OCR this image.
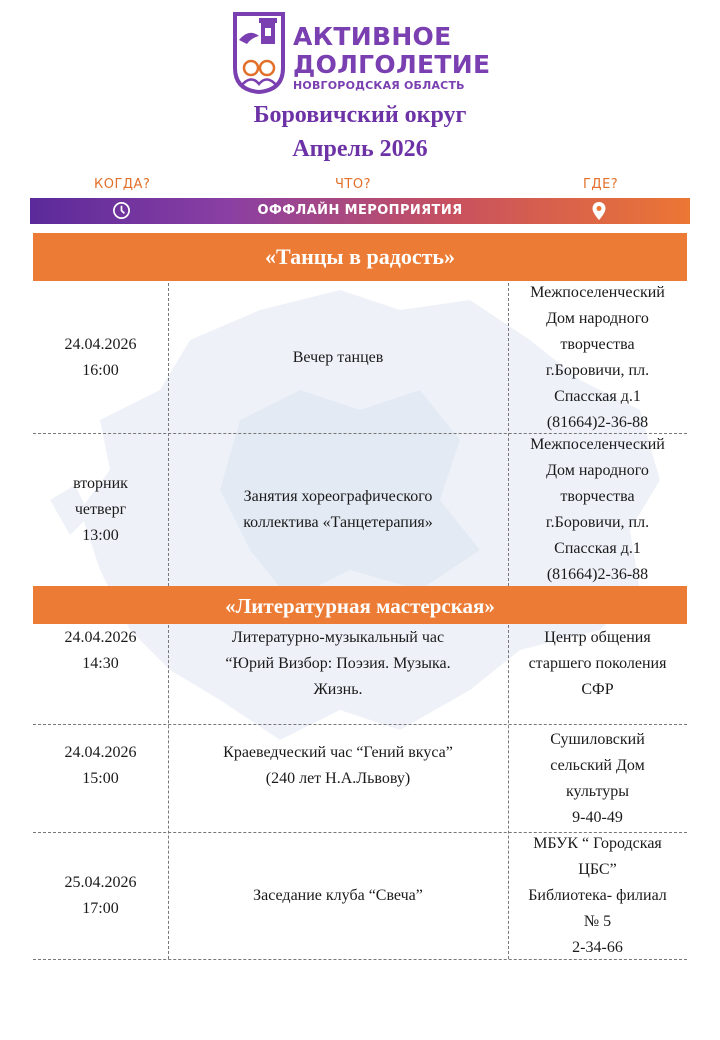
АКТИВНОЕ
ДОЛГОЛЕТИЕ
НОВГОРОДСКАЯ ОБЛАСТЬ
Боровичский округ
Апрель 2026
КОГДА?	ЧТО?	ГДЕ?
ОФФЛАЙН МЕРОПРИЯТИЯ
«Танцы в радость»
24.04.2026
16:00
Вечер танцев
Межпоселенческий
Дом народного
творчества
г.Боровичи, пл.
Спасская д.1
(81664)2-36-88
вторник
четверг
13:00
Занятия хореографического
коллектива «Танцетерапия»
Межпоселенческий
Дом народного
творчества
г.Боровичи, пл.
Спасская д.1
(81664)2-36-88
«Литературная мастерская»
24.04.2026
14:30
Литературно-музыкальный час
“Юрий Визбор: Поэзия. Музыка.
Жизнь.
Центр общения
старшего поколения
СФР
24.04.2026
15:00
Краеведческий час “Гений вкуса”
(240 лет Н.А.Львову)
Сушиловский
сельский Дом
культуры
9-40-49
25.04.2026
17:00
Заседание клуба “Свеча”
МБУК “ Городская
ЦБС”
Библиотека- филиал
№ 5
2-34-66
